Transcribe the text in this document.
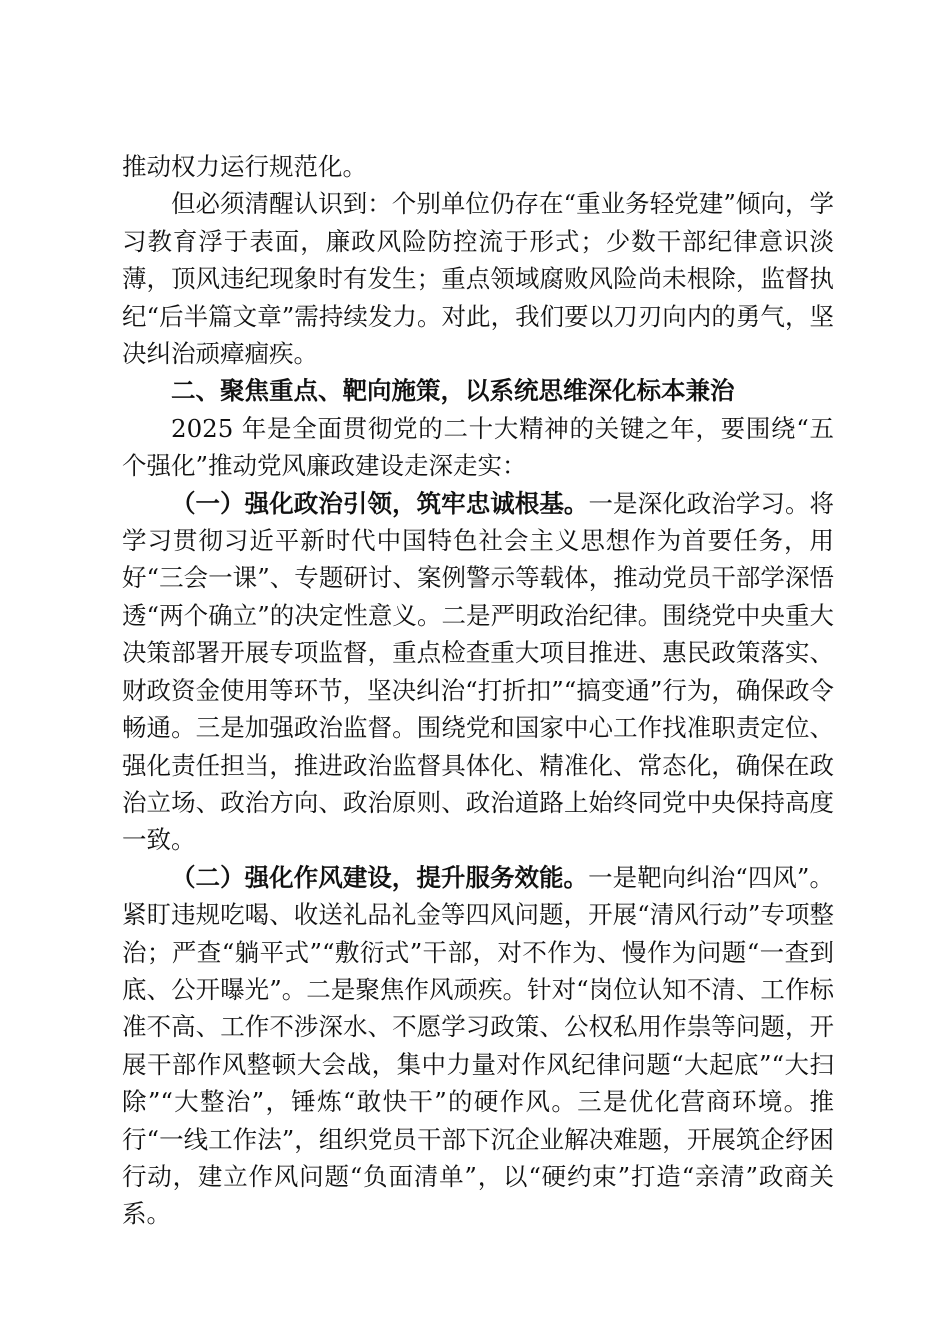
推动权力运行规范化。

但必须清醒认识到：个别单位仍存在“重业务轻党建”倾向，学习教育浮于表面，廉政风险防控流于形式；少数干部纪律意识淡薄，顶风违纪现象时有发生；重点领域腐败风险尚未根除，监督执纪“后半篇文章”需持续发力。对此，我们要以刀刃向内的勇气，坚决纠治顽瘴痼疾。

二、聚焦重点、靶向施策，以系统思维深化标本兼治

2025 年是全面贯彻党的二十大精神的关键之年，要围绕“五个强化”推动党风廉政建设走深走实：

（一）强化政治引领，筑牢忠诚根基。一是深化政治学习。将学习贯彻习近平新时代中国特色社会主义思想作为首要任务，用好“三会一课”、专题研讨、案例警示等载体，推动党员干部学深悟透“两个确立”的决定性意义。二是严明政治纪律。围绕党中央重大决策部署开展专项监督，重点检查重大项目推进、惠民政策落实、财政资金使用等环节，坚决纠治“打折扣”“搞变通”行为，确保政令畅通。三是加强政治监督。围绕党和国家中心工作找准职责定位、强化责任担当，推进政治监督具体化、精准化、常态化，确保在政治立场、政治方向、政治原则、政治道路上始终同党中央保持高度一致。

（二）强化作风建设，提升服务效能。一是靶向纠治“四风”。紧盯违规吃喝、收送礼品礼金等四风问题，开展“清风行动”专项整治；严查“躺平式”“敷衍式”干部，对不作为、慢作为问题“一查到底、公开曝光”。二是聚焦作风顽疾。针对“岗位认知不清、工作标准不高、工作不涉深水、不愿学习政策、公权私用作祟等问题，开展干部作风整顿大会战，集中力量对作风纪律问题“大起底”“大扫除”“大整治”，锤炼“敢快干”的硬作风。三是优化营商环境。推行“一线工作法”，组织党员干部下沉企业解决难题，开展筑企纾困行动，建立作风问题“负面清单”，以“硬约束”打造“亲清”政商关系。
